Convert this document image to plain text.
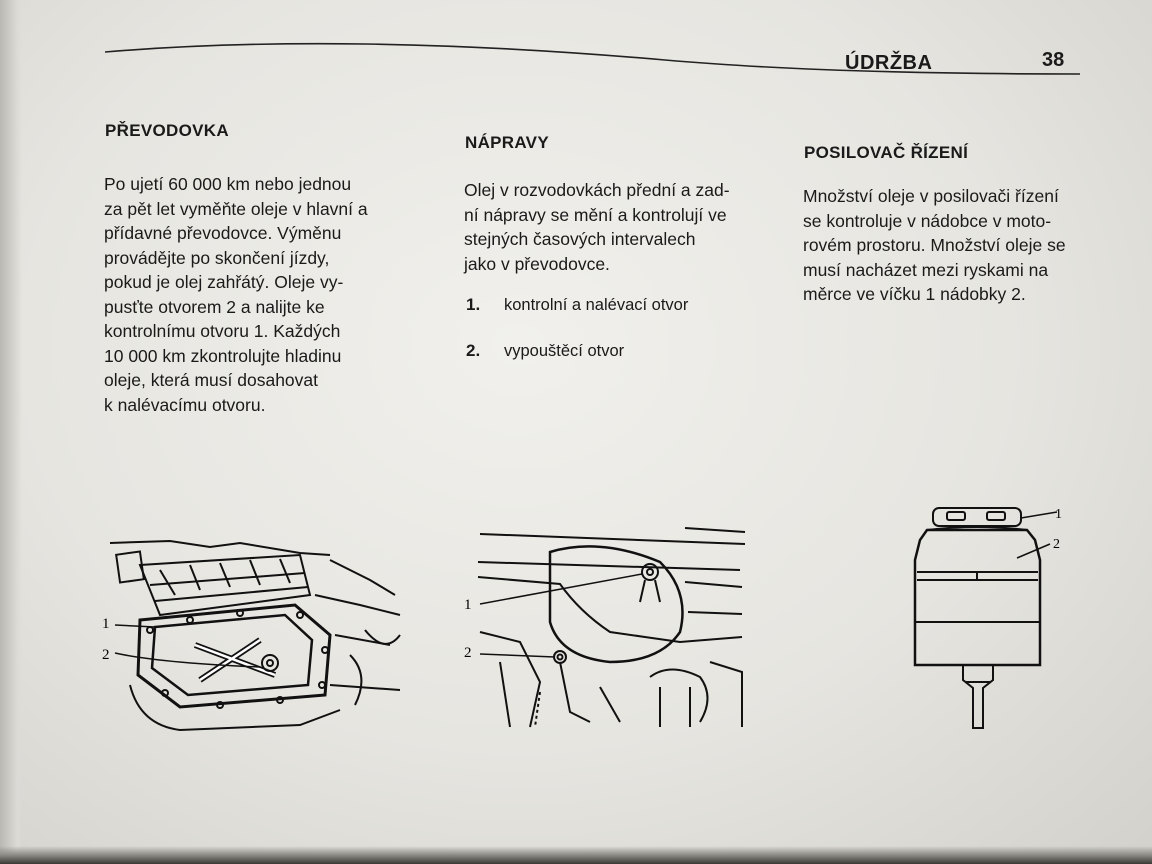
ÚDRŽBA	38

PŘEVODOVKA
Po ujetí 60 000 km nebo jednou
za pět let vyměňte oleje v hlavní a
přídavné převodovce. Výměnu
provádějte po skončení jízdy,
pokud je olej zahřátý. Oleje vy-
pusťte otvorem 2 a nalijte ke
kontrolnímu otvoru 1. Každých
10 000 km zkontrolujte hladinu
oleje, která musí dosahovat
k nalévacímu otvoru.
NÁPRAVY
Olej v rozvodovkách přední a zad-
ní nápravy se mění a kontrolují ve
stejných časových intervalech
jako v převodovce.
1. kontrolní a nalévací otvor
2. vypouštěcí otvor
POSILOVAČ ŘÍZENÍ
Množství oleje v posilovači řízení
se kontroluje v nádobce v moto-
rovém prostoru. Množství oleje se
musí nacházet mezi ryskami na
měrce ve víčku 1 nádobky 2.
1
2
1
2
1
2
